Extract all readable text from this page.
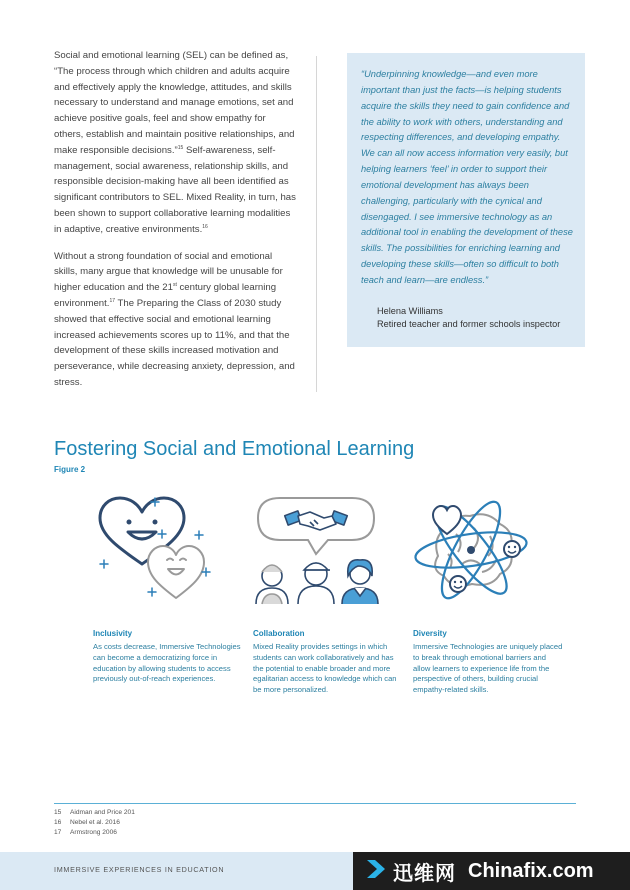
Social and emotional learning (SEL) can be defined as, “The process through which children and adults acquire and effectively apply the knowledge, attitudes, and skills necessary to understand and manage emotions, set and achieve positive goals, feel and show empathy for others, establish and maintain positive relationships, and make responsible decisions.”$^{15}$ Self-awareness, self-management, social awareness, relationship skills, and responsible decision-making have all been identified as significant contributors to SEL. Mixed Reality, in turn, has been shown to support collaborative learning modalities in adaptive, creative environments.$^{16}$

Without a strong foundation of social and emotional skills, many argue that knowledge will be unusable for higher education and the 21st century global learning environment.$^{17}$ The Preparing the Class of 2030 study showed that effective social and emotional learning increased achievements scores up to 11%, and that the development of these skills increased motivation and perseverance, while decreasing anxiety, depression, and stress.

“Underpinning knowledge—and even more important than just the facts—is helping students acquire the skills they need to gain confidence and the ability to work with others, understanding and respecting differences, and developing empathy. We can all now access information very easily, but helping learners ‘feel’ in order to support their emotional development has always been challenging, particularly with the cynical and disengaged. I see immersive technology as an additional tool in enabling the development of these skills. The possibilities for enriching learning and developing these skills—often so difficult to both teach and learn—are endless.”

Helena Williams
Retired teacher and former schools inspector
Fostering Social and Emotional Learning
Figure 2
Inclusivity

As costs decrease, Immersive Technologies can become a democratizing force in education by allowing students to access previously out-of-reach experiences.

Collaboration

Mixed Reality provides settings in which students can work collaboratively and has the potential to enable broader and more egalitarian access to knowledge which can be more personalized.

Diversity

Immersive Technologies are uniquely placed to break through emotional barriers and allow learners to experience life from the perspective of others, building crucial empathy-related skills.

15 Aidman and Price 201
16 Nebel et al. 2016
17 Armstrong 2006
IMMERSIVE EXPERIENCES IN EDUCATION	迅维网 Chinafix.com
